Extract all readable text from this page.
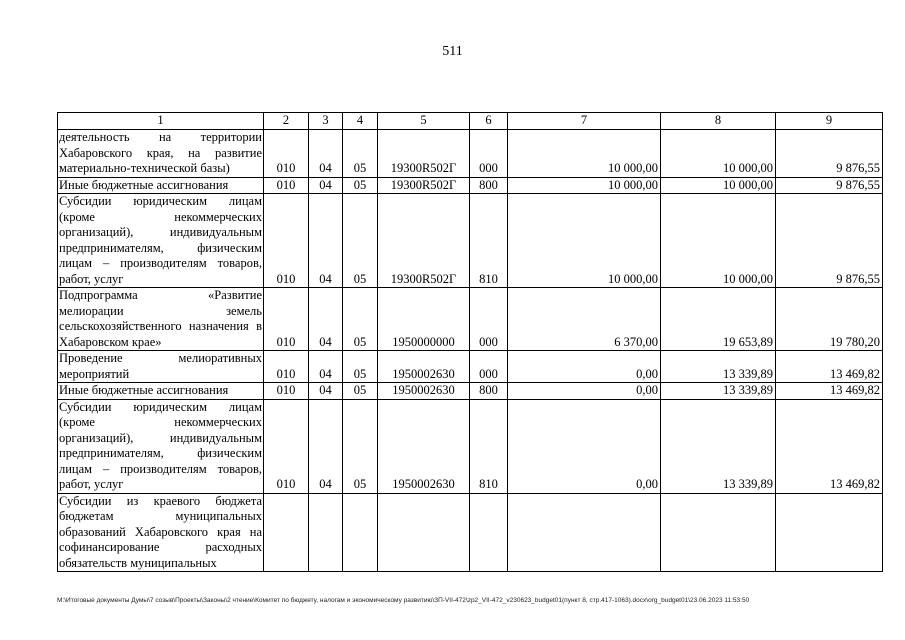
511
1	2	3	4	5	6	7	8	9
деятельность на территории Хабаровского края, на развитие материально-технической базы)	010	04	05	19300R502Г	000	10 000,00	10 000,00	9 876,55
Иные бюджетные ассигнования	010	04	05	19300R502Г	800	10 000,00	10 000,00	9 876,55
Субсидии юридическим лицам (кроме некоммерческих организаций), индивидуальным предпринимателям, физическим лицам – производителям товаров, работ, услуг	010	04	05	19300R502Г	810	10 000,00	10 000,00	9 876,55
Подпрограмма «Развитие мелиорации земель сельскохозяйственного назначения в Хабаровском крае»	010	04	05	1950000000	000	6 370,00	19 653,89	19 780,20
Проведение мелиоративных мероприятий	010	04	05	1950002630	000	0,00	13 339,89	13 469,82
Иные бюджетные ассигнования	010	04	05	1950002630	800	0,00	13 339,89	13 469,82
Субсидии юридическим лицам (кроме некоммерческих организаций), индивидуальным предпринимателям, физическим лицам – производителям товаров, работ, услуг	010	04	05	1950002630	810	0,00	13 339,89	13 469,82
Субсидии из краевого бюджета бюджетам муниципальных образований Хабаровского края на софинансирование расходных обязательств муниципальных								
M:\Итоговые документы Думы\7 созыв\Проекты\Законы\2 чтение\Комитет по бюджету, налогам и экономическому развитию\ЗП-VII-472\zp2_VII-472_v230623_budget01(пункт 8, стр.417-1063).docx\org_budget01\23.06.2023 11:53:50
